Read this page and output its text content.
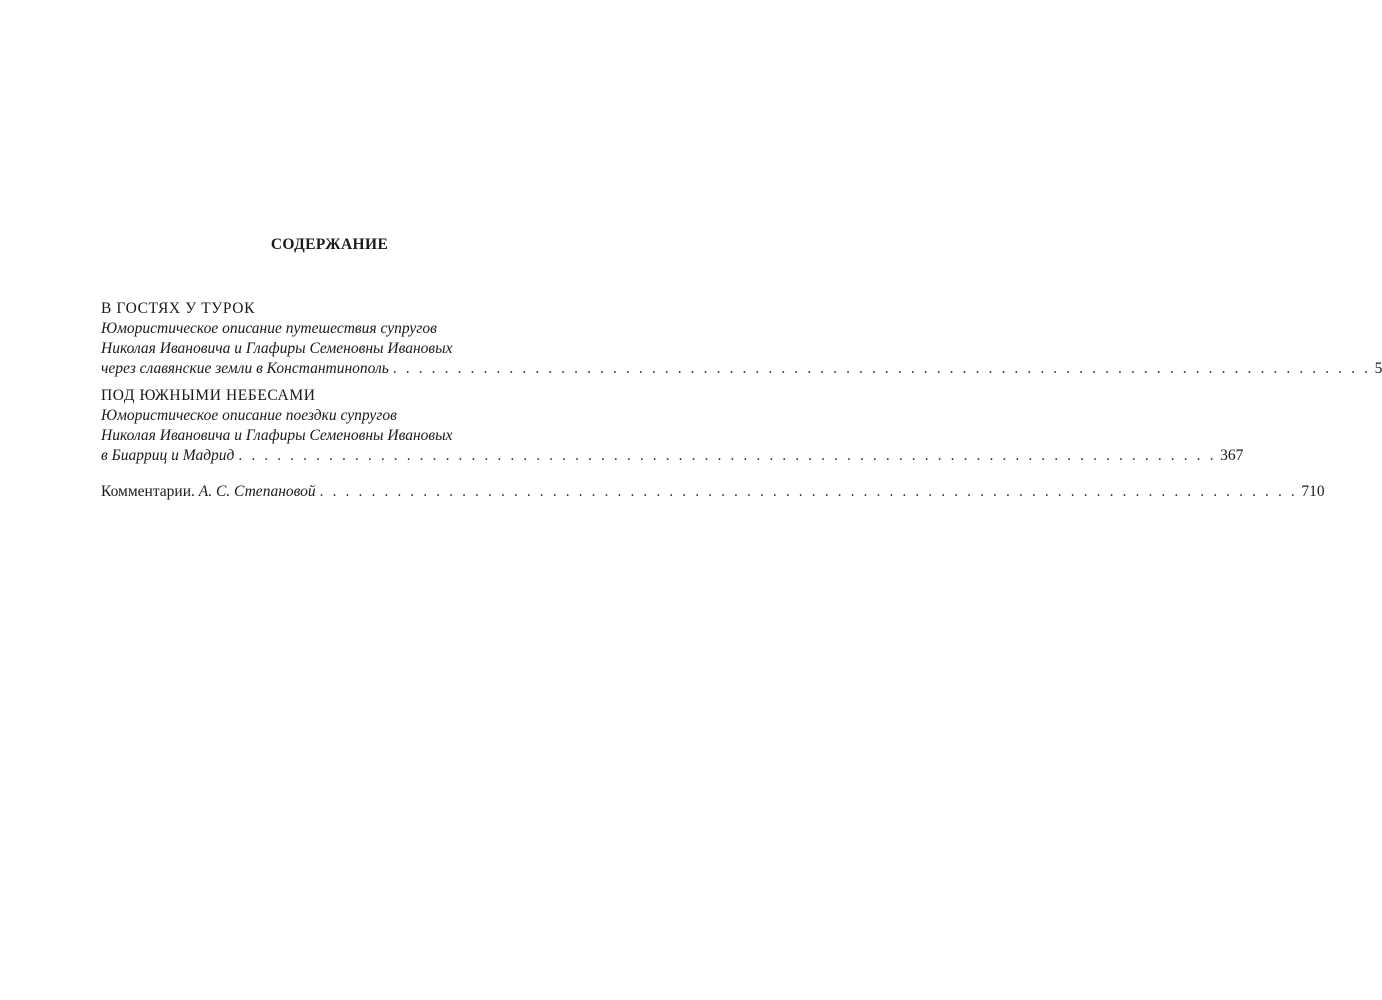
СОДЕРЖАНИЕ
В ГОСТЯХ У ТУРОК
Юмористическое описание путешествия супругов
Николая Ивановича и Глафиры Семеновны Ивановых
через славянские земли в Константинополь . . . . . . . . . . . . . . . . . . . . . . . . . . . . . . . . . . . . . . . . . . . . . . . . . . . . . . . . . . . . . . . . . . . . . . . . . . . . 5
ПОД ЮЖНЫМИ НЕБЕСАМИ
Юмористическое описание поездки супругов
Николая Ивановича и Глафиры Семеновны Ивановых
в Биарриц и Мадрид . . . . . . . . . . . . . . . . . . . . . . . . . . . . . . . . . . . . . . . . . . . . . . . . . . . . . . . . . . . . . . . . . . . . . . . . . . . . 367
Комментарии.
А. С. Степановой . . . . . . . . . . . . . . . . . . . . . . . . . . . . . . . . . . . . . . . . . . . . . . . . . . . . . . . . . . . . . . . . . . . . . . . . . . . . 710
